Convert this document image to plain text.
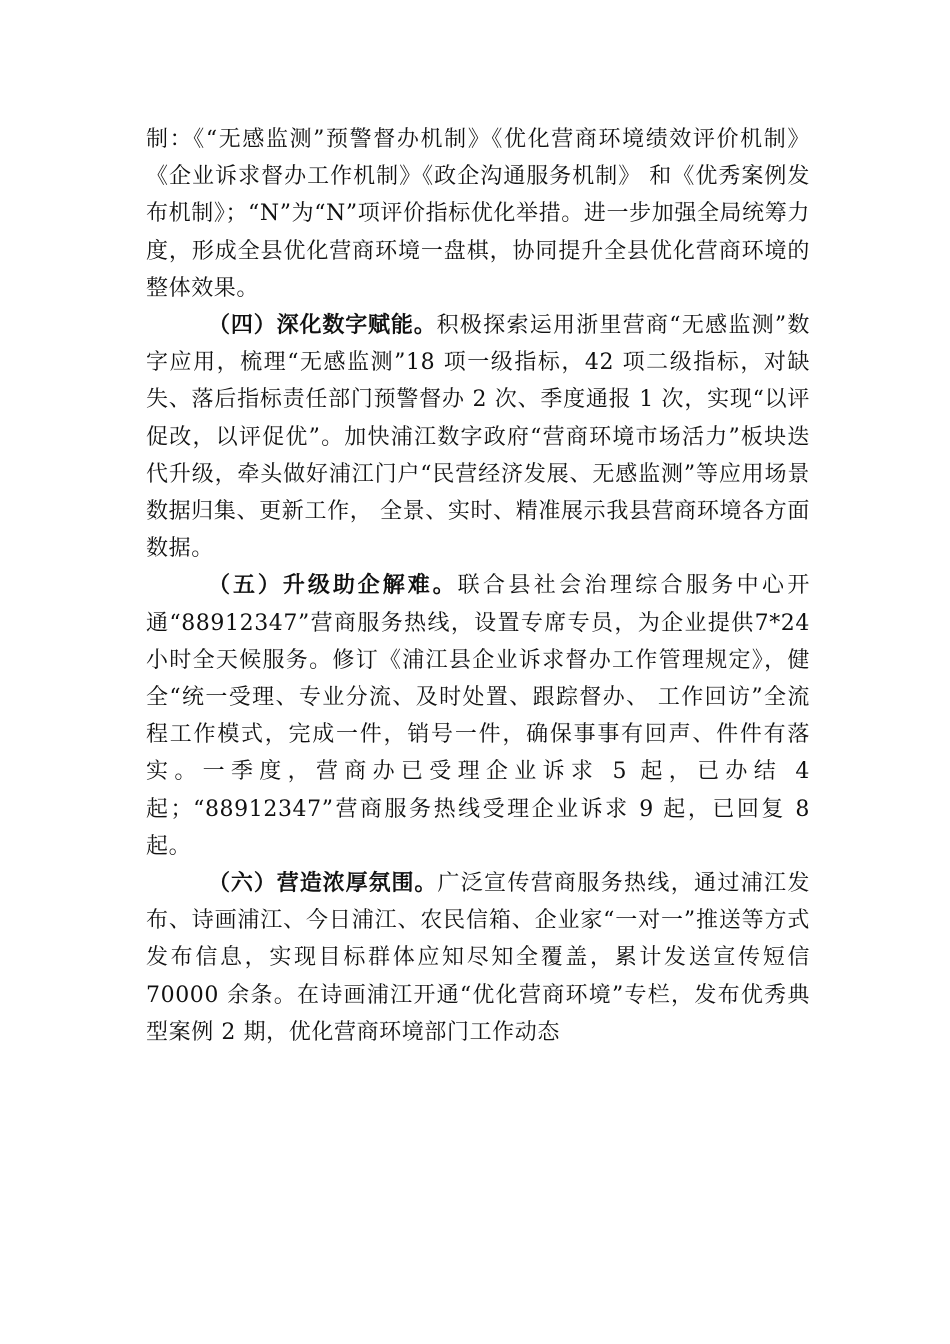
制：《“无感监测”预警督办机制》《优化营商环境绩效评价机制》《企业诉求督办工作机制》《政企沟通服务机制》 和《优秀案例发布机制》；“N”为“N”项评价指标优化举措。进一步加强全局统筹力度，形成全县优化营商环境一盘棋，协同提升全县优化营商环境的整体效果。

（四）深化数字赋能。积极探索运用浙里营商“无感监测”数字应用，梳理“无感监测”18 项一级指标，42 项二级指标，对缺失、落后指标责任部门预警督办 2 次、季度通报 1 次，实现“以评促改，以评促优”。加快浦江数字政府“营商环境市场活力”板块迭代升级，牵头做好浦江门户“民营经济发展、无感监测”等应用场景数据归集、更新工作， 全景、实时、精准展示我县营商环境各方面数据。

（五）升级助企解难。联合县社会治理综合服务中心开通“88912347”营商服务热线，设置专席专员，为企业提供7*24 小时全天候服务。修订《浦江县企业诉求督办工作管理规定》，健全“统一受理、专业分流、及时处置、跟踪督办、 工作回访”全流程工作模式，完成一件，销号一件，确保事事有回声、件件有落实。一季度，营商办已受理企业诉求 5 起，已办结 4 起；“88912347”营商服务热线受理企业诉求 9 起，已回复 8 起。

（六）营造浓厚氛围。广泛宣传营商服务热线，通过浦江发布、诗画浦江、今日浦江、农民信箱、企业家“一对一”推送等方式发布信息，实现目标群体应知尽知全覆盖，累计发送宣传短信 70000 余条。在诗画浦江开通“优化营商环境”专栏，发布优秀典型案例 2 期，优化营商环境部门工作动态
